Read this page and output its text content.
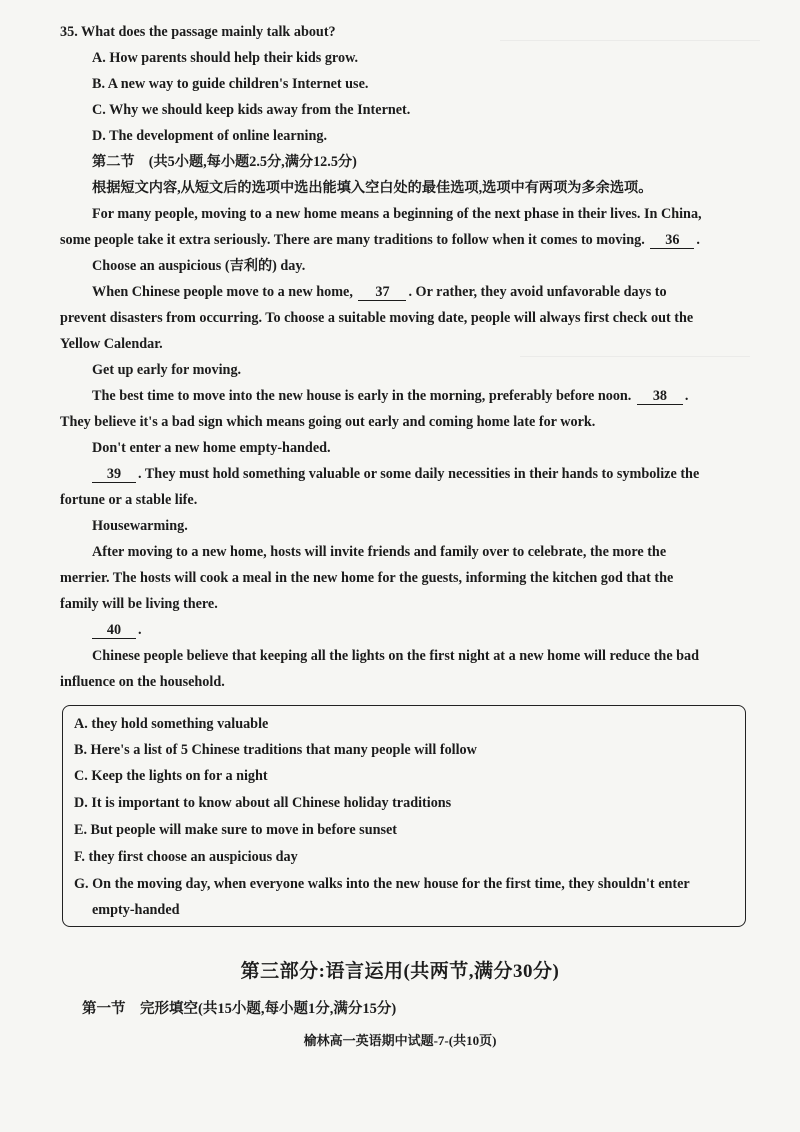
35. What does the passage mainly talk about?
A. How parents should help their kids grow.
B. A new way to guide children's Internet use.
C. Why we should keep kids away from the Internet.
D. The development of online learning.
第二节　(共5小题,每小题2.5分,满分12.5分)
根据短文内容,从短文后的选项中选出能填入空白处的最佳选项,选项中有两项为多余选项。
For many people, moving to a new home means a beginning of the next phase in their lives. In China,
some people take it extra seriously. There are many traditions to follow when it comes to moving. 36 .
Choose an auspicious (吉利的) day.
When Chinese people move to a new home, 37 . Or rather, they avoid unfavorable days to
prevent disasters from occurring. To choose a suitable moving date, people will always first check out the
Yellow Calendar.
Get up early for moving.
The best time to move into the new house is early in the morning, preferably before noon. 38 .
They believe it's a bad sign which means going out early and coming home late for work.
Don't enter a new home empty-handed.
39 . They must hold something valuable or some daily necessities in their hands to symbolize the
fortune or a stable life.
Housewarming.
After moving to a new home, hosts will invite friends and family over to celebrate, the more the
merrier. The hosts will cook a meal in the new home for the guests, informing the kitchen god that the
family will be living there.
40 .
Chinese people believe that keeping all the lights on the first night at a new home will reduce the bad
influence on the household.
A. they hold something valuable
B. Here's a list of 5 Chinese traditions that many people will follow
C. Keep the lights on for a night
D. It is important to know about all Chinese holiday traditions
E. But people will make sure to move in before sunset
F. they first choose an auspicious day
G. On the moving day, when everyone walks into the new house for the first time, they shouldn't enter
empty-handed
第三部分:语言运用(共两节,满分30分)
第一节　完形填空(共15小题,每小题1分,满分15分)
榆林高一英语期中试题-7-(共10页)
